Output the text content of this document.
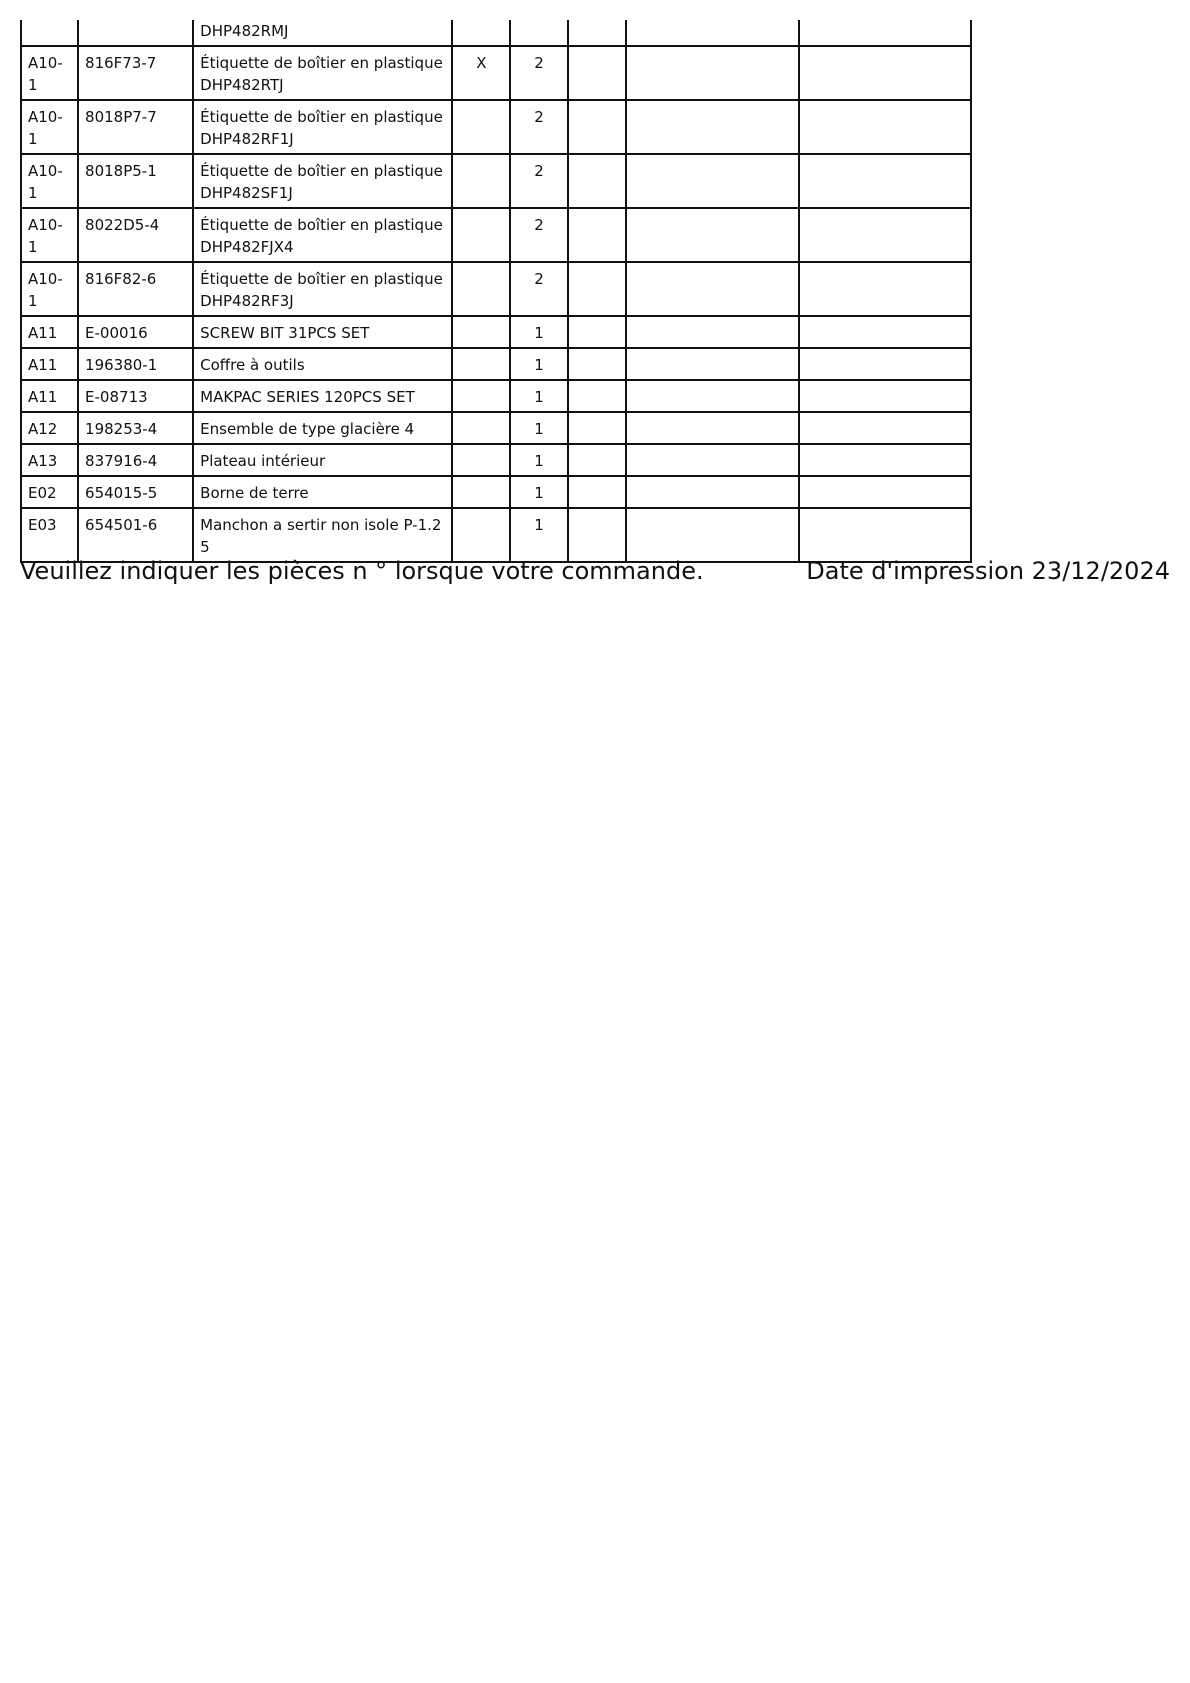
		DHP482RMJ					
A10-1	816F73-7	Étiquette de boîtier en plastique DHP482RTJ	X	2			
A10-1	8018P7-7	Étiquette de boîtier en plastique DHP482RF1J		2			
A10-1	8018P5-1	Étiquette de boîtier en plastique DHP482SF1J		2			
A10-1	8022D5-4	Étiquette de boîtier en plastique DHP482FJX4		2			
A10-1	816F82-6	Étiquette de boîtier en plastique DHP482RF3J		2			
A11	E-00016	SCREW BIT 31PCS SET		1			
A11	196380-1	Coffre à outils		1			
A11	E-08713	MAKPAC SERIES 120PCS SET		1			
A12	198253-4	Ensemble de type glacière 4		1			
A13	837916-4	Plateau intérieur		1			
E02	654015-5	Borne de terre		1			
E03	654501-6	Manchon a sertir non isole P-1.2 5		1			
Veuillez indiquer les pièces n ° lorsque votre commande.	Date d'impression 23/12/2024
